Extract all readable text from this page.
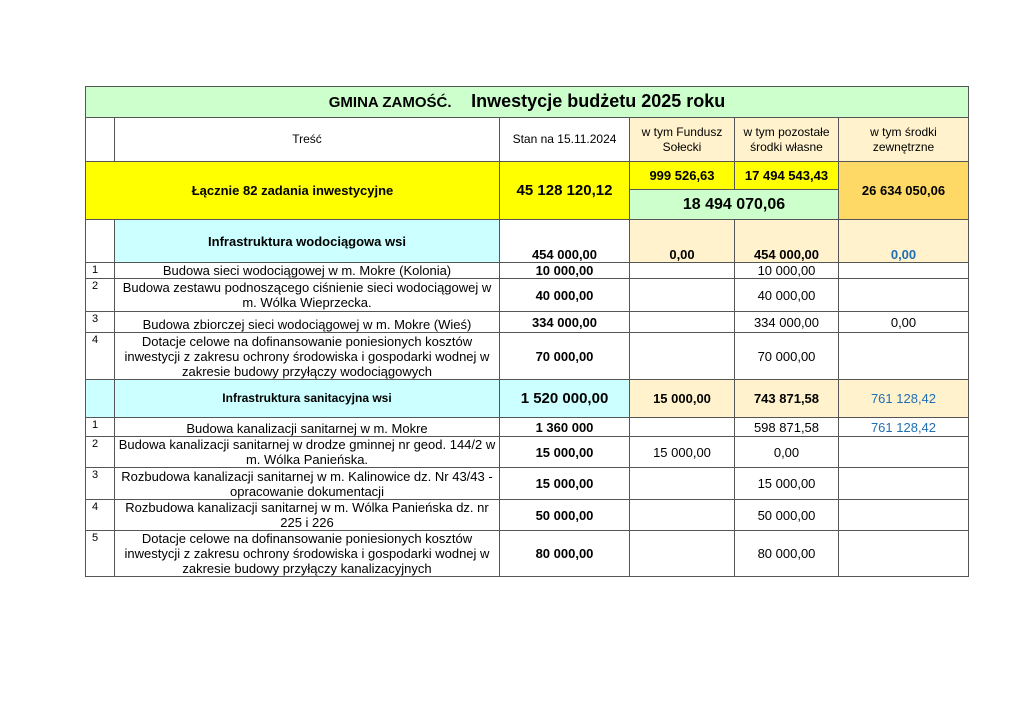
GMINA ZAMOŚĆ. Inwestycje budżetu 2025 roku					
	Treść	Stan na 15.11.2024	w tym Fundusz Sołecki	w tym pozostałe środki własne	w tym środki zewnętrzne
Łącznie 82 zadania inwestycyjne		45 128 120,12	999 526,63	17 494 543,43	26 634 050,06
			18 494 070,06		
	Infrastruktura wodociągowa wsi	454 000,00	0,00	454 000,00	0,00
1	Budowa sieci wodociągowej w m. Mokre (Kolonia)	10 000,00		10 000,00	
2	Budowa zestawu podnoszącego ciśnienie sieci wodociągowej w m. Wólka Wieprzecka.	40 000,00		40 000,00	
3	Budowa zbiorczej sieci wodociągowej w m. Mokre (Wieś)	334 000,00		334 000,00	0,00
4	Dotacje celowe na dofinansowanie poniesionych kosztów inwestycji z zakresu ochrony środowiska i gospodarki wodnej w zakresie budowy przyłączy wodociągowych	70 000,00		70 000,00	
	Infrastruktura sanitacyjna wsi	1 520 000,00	15 000,00	743 871,58	761 128,42
1	Budowa kanalizacji sanitarnej w m. Mokre	1 360 000		598 871,58	761 128,42
2	Budowa kanalizacji sanitarnej w drodze gminnej nr geod. 144/2 w m. Wólka Panieńska.	15 000,00	15 000,00	0,00	
3	Rozbudowa kanalizacji sanitarnej w m. Kalinowice dz. Nr 43/43 - opracowanie dokumentacji	15 000,00		15 000,00	
4	Rozbudowa kanalizacji sanitarnej w m. Wólka Panieńska dz. nr 225 i 226	50 000,00		50 000,00	
5	Dotacje celowe na dofinansowanie poniesionych kosztów inwestycji z zakresu ochrony środowiska i gospodarki wodnej w zakresie budowy przyłączy kanalizacyjnych	80 000,00		80 000,00	
